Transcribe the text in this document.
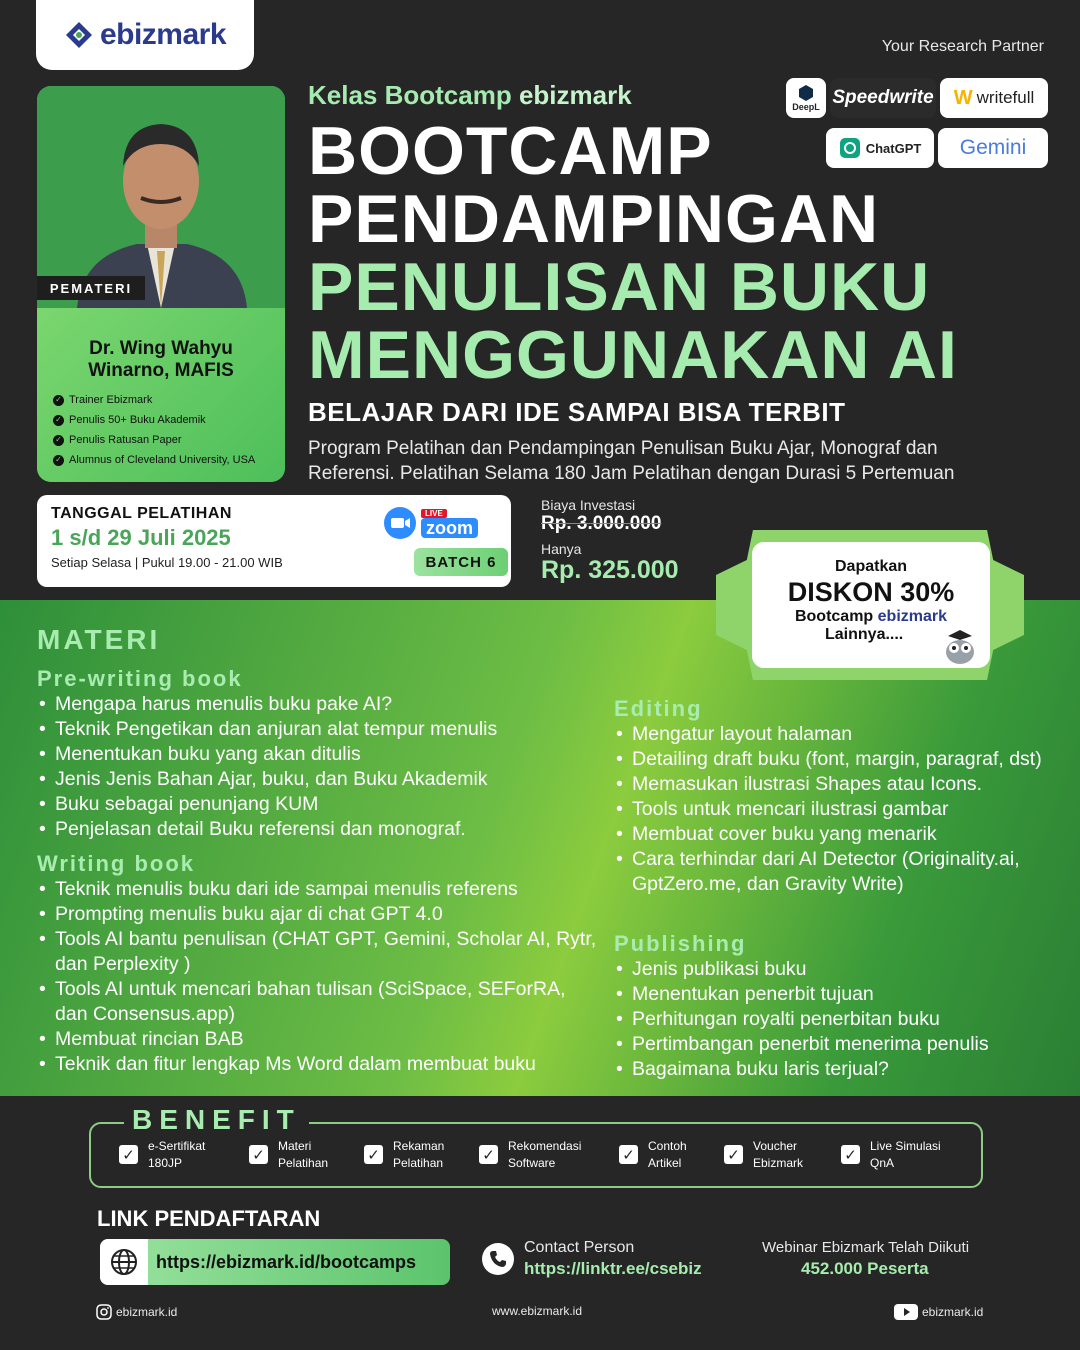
ebizmark	Your Research Partner
Dr. Wing Wahyu Winarno, MAFIS
✓ Trainer Ebizmark
✓ Penulis 50+ Buku Akademik
✓ Penulis Ratusan Paper
✓ Alumnus of Cleveland University, USA
PEMATERI
Kelas Bootcamp ebizmark
BOOTCAMP
PENDAMPINGAN
PENULISAN BUKU
MENGGUNAKAN AI
BELAJAR DARI IDE SAMPAI BISA TERBIT
Program Pelatihan dan Pendampingan Penulisan Buku Ajar, Monograf dan Referensi. Pelatihan Selama 180 Jam Pelatihan dengan Durasi 5 Pertemuan
DeepL Speedwrite W writefull
ChatGPT	Gemini
TANGGAL PELATIHAN
1 s/d 29 Juli 2025
Setiap Selasa | Pukul 19.00 - 21.00 WIB
LIVE
zoom
BATCH 6
Biaya Investasi
Rp. 3.000.000
Hanya
Rp. 325.000	Dapatkan
DISKON 30%
Bootcamp ebizmark
Lainnya....
MATERI
Pre-writing book
• Mengapa harus menulis buku pake AI?
• Teknik Pengetikan dan anjuran alat tempur menulis
• Menentukan buku yang akan ditulis
• Jenis Jenis Bahan Ajar, buku, dan Buku Akademik
• Buku sebagai penunjang KUM
• Penjelasan detail Buku referensi dan monograf.
Writing book
• Teknik menulis buku dari ide sampai menulis referens
• Prompting menulis buku ajar di chat GPT 4.0
• Tools AI bantu penulisan (CHAT GPT, Gemini, Scholar AI, Rytr, dan Perplexity )
• Tools AI untuk mencari bahan tulisan (SciSpace, SEForRA, dan Consensus.app)
• Membuat rincian BAB
• Teknik dan fitur lengkap Ms Word dalam membuat buku
Editing
• Mengatur layout halaman
• Detailing draft buku (font, margin, paragraf, dst)
• Memasukan ilustrasi Shapes atau Icons.
• Tools untuk mencari ilustrasi gambar
• Membuat cover buku yang menarik
• Cara terhindar dari AI Detector (Originality.ai, GptZero.me, dan Gravity Write)
Publishing
• Jenis publikasi buku
• Menentukan penerbit tujuan
• Perhitungan royalti penerbitan buku
• Pertimbangan penerbit menerima penulis
• Bagaimana buku laris terjual?
BENEFIT
✓
e-Sertifikat
180JP	✓
Materi
Pelatihan	✓
Rekaman
Pelatihan	✓
Rekomendasi
Software	✓
Contoh
Artikel	✓
Voucher
Ebizmark	✓
Live Simulasi
QnA
LINK PENDAFTARAN
https://ebizmark.id/bootcamps
Contact Person
https://linktr.ee/csebiz
Webinar Ebizmark Telah Diikuti
452.000 Peserta
ebizmark.id	www.ebizmark.id	ebizmark.id
